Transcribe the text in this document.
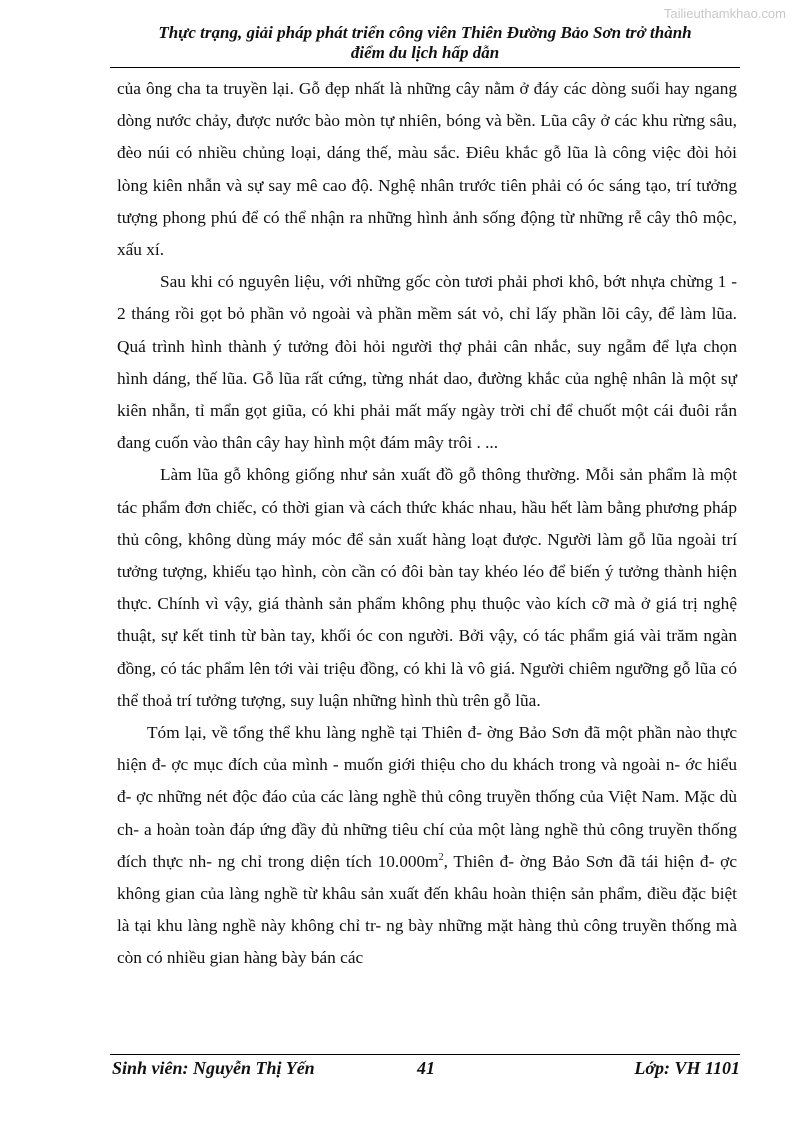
Tailieuthamkhao.com
Thực trạng, giải pháp phát triển công viên Thiên Đường Bảo Sơn trở thành
điểm du lịch hấp dẫn

của ông cha ta truyền lại. Gỗ đẹp nhất là những cây nằm ở đáy các dòng suối hay ngang dòng nước chảy, được nước bào mòn tự nhiên, bóng và bền. Lũa cây ở các khu rừng sâu, đèo núi có nhiều chủng loại, dáng thế, màu sắc. Điêu khắc gỗ lũa là công việc đòi hỏi lòng kiên nhẫn và sự say mê cao độ. Nghệ nhân trước tiên phải có óc sáng tạo, trí tưởng tượng phong phú để có thể nhận ra những hình ảnh sống động từ những rễ cây thô mộc, xấu xí.

Sau khi có nguyên liệu, với những gốc còn tươi phải phơi khô, bớt nhựa chừng 1 - 2 tháng rồi gọt bỏ phần vỏ ngoài và phần mềm sát vỏ, chỉ lấy phần lõi cây, để làm lũa. Quá trình hình thành ý tưởng đòi hỏi người thợ phải cân nhắc, suy ngẫm để lựa chọn hình dáng, thế lũa. Gỗ lũa rất cứng, từng nhát dao, đường khắc của nghệ nhân là một sự kiên nhẫn, tỉ mẩn gọt giũa, có khi phải mất mấy ngày trời chỉ để chuốt một cái đuôi rắn đang cuốn vào thân cây hay hình một đám mây trôi . ...

Làm lũa gỗ không giống như sản xuất đồ gỗ thông thường. Mỗi sản phẩm là một tác phẩm đơn chiếc, có thời gian và cách thức khác nhau, hầu hết làm bằng phương pháp thủ công, không dùng máy móc để sản xuất hàng loạt được. Người làm gỗ lũa ngoài trí tưởng tượng, khiếu tạo hình, còn cần có đôi bàn tay khéo léo để biến ý tưởng thành hiện thực. Chính vì vậy, giá thành sản phẩm không phụ thuộc vào kích cỡ mà ở giá trị nghệ thuật, sự kết tinh từ bàn tay, khối óc con người. Bởi vậy, có tác phẩm giá vài trăm ngàn đồng, có tác phẩm lên tới vài triệu đồng, có khi là vô giá. Người chiêm ngưỡng gỗ lũa có thể thoả trí tưởng tượng, suy luận những hình thù trên gỗ lũa.

Tóm lại, về tổng thể khu làng nghề tại Thiên đ- ờng Bảo Sơn đã một phần nào thực hiện đ- ợc mục đích của mình - muốn giới thiệu cho du khách trong và ngoài n- ớc hiểu đ- ợc những nét độc đáo của các làng nghề thủ công truyền thống của Việt Nam. Mặc dù ch- a hoàn toàn đáp ứng đầy đủ những tiêu chí của một làng nghề thủ công truyền thống đích thực nh- ng chỉ trong diện tích $10.000m^2$, Thiên đ- ờng Bảo Sơn đã tái hiện đ- ợc không gian của làng nghề từ khâu sản xuất đến khâu hoàn thiện sản phẩm, điều đặc biệt là tại khu làng nghề này không chỉ tr- ng bày những mặt hàng thủ công truyền thống mà còn có nhiều gian hàng bày bán các

Sinh viên: Nguyễn Thị Yến	41	Lớp: VH 1101
